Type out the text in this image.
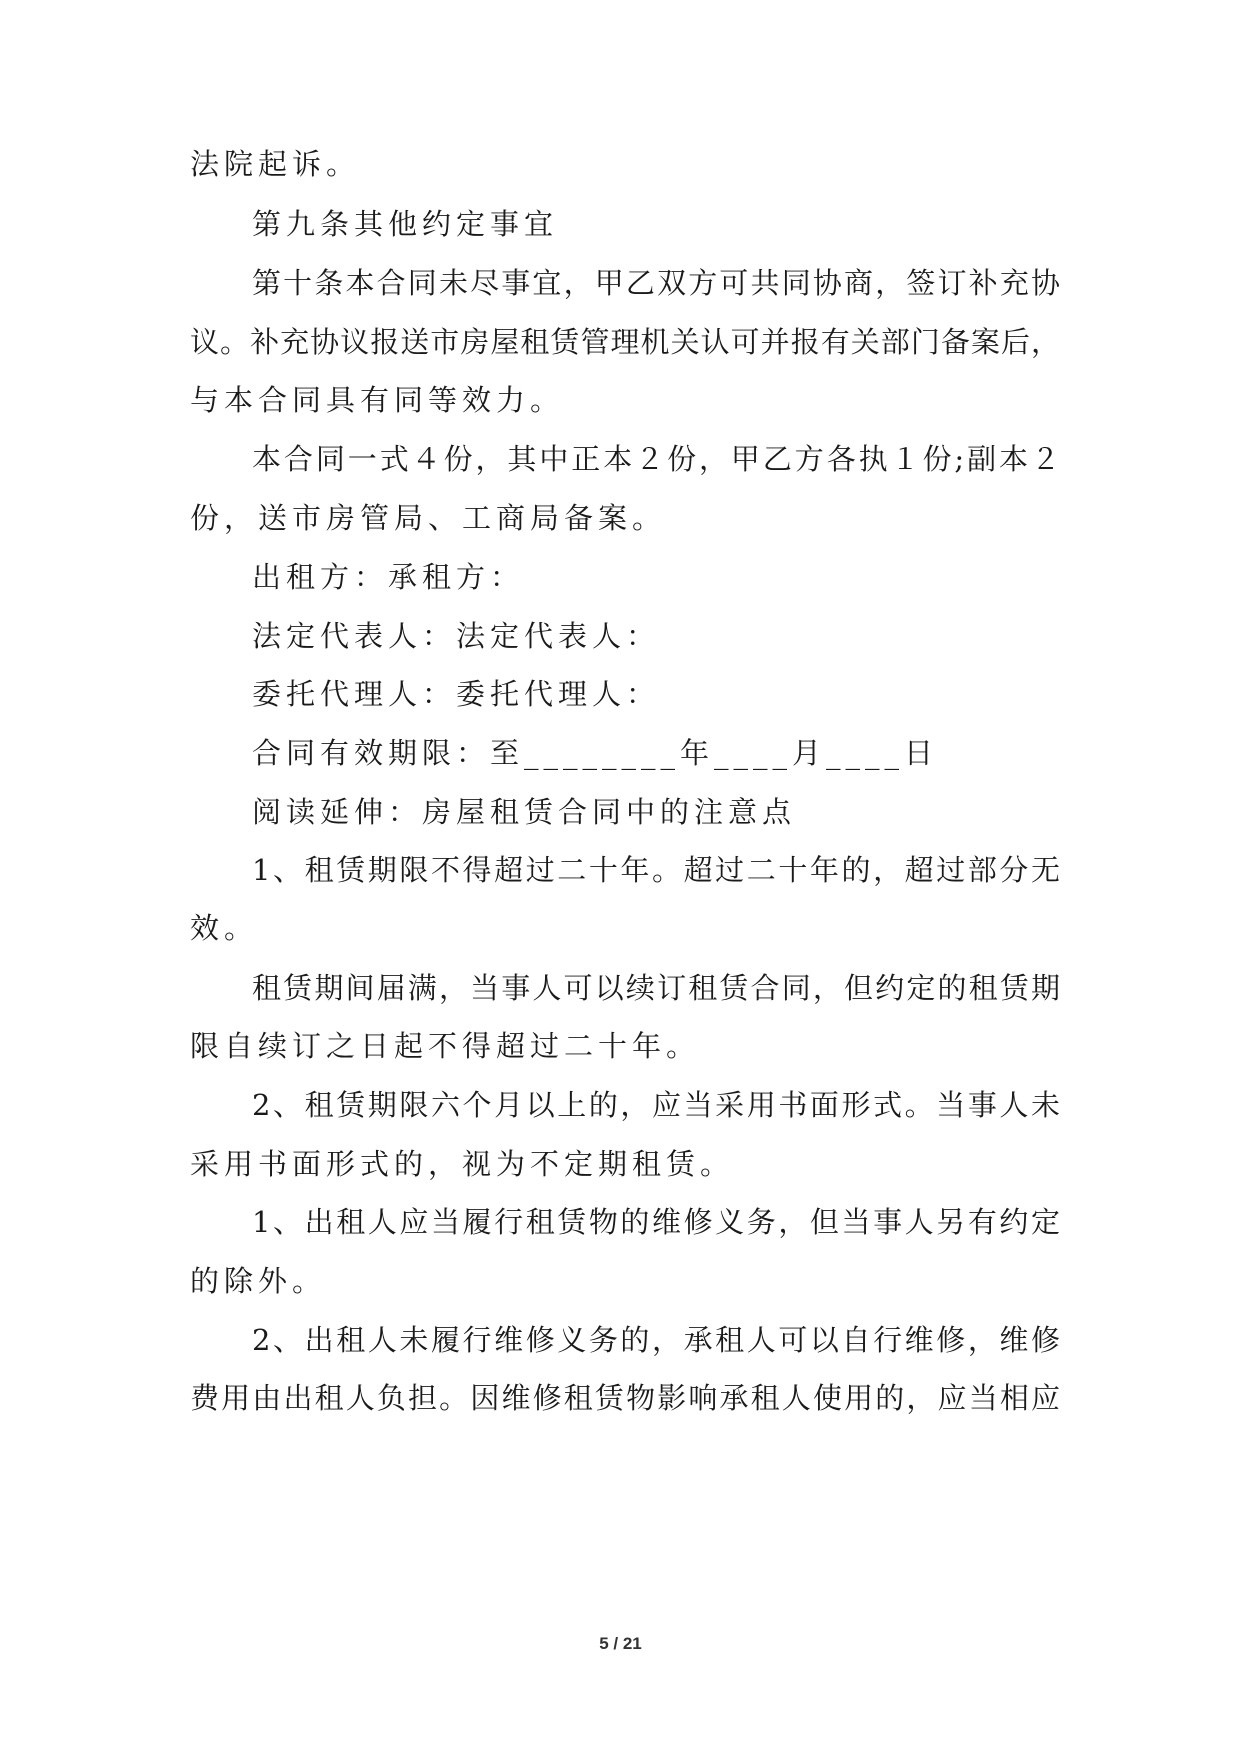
法院起诉。
第九条其他约定事宜
第十条本合同未尽事宜，甲乙双方可共同协商，签订补充协
议。补充协议报送市房屋租赁管理机关认可并报有关部门备案后，
与本合同具有同等效力。
本合同一式４份，其中正本２份，甲乙方各执１份;副本２
份，送市房管局、工商局备案。
出租方：承租方：
法定代表人：法定代表人：
委托代理人：委托代理人：
合同有效期限：至________年____月____日
阅读延伸：房屋租赁合同中的注意点
1、租赁期限不得超过二十年。超过二十年的，超过部分无
效。
租赁期间届满，当事人可以续订租赁合同，但约定的租赁期
限自续订之日起不得超过二十年。
2、租赁期限六个月以上的，应当采用书面形式。当事人未
采用书面形式的，视为不定期租赁。
1、出租人应当履行租赁物的维修义务，但当事人另有约定
的除外。
2、出租人未履行维修义务的，承租人可以自行维修，维修
费用由出租人负担。因维修租赁物影响承租人使用的，应当相应
5 / 21
